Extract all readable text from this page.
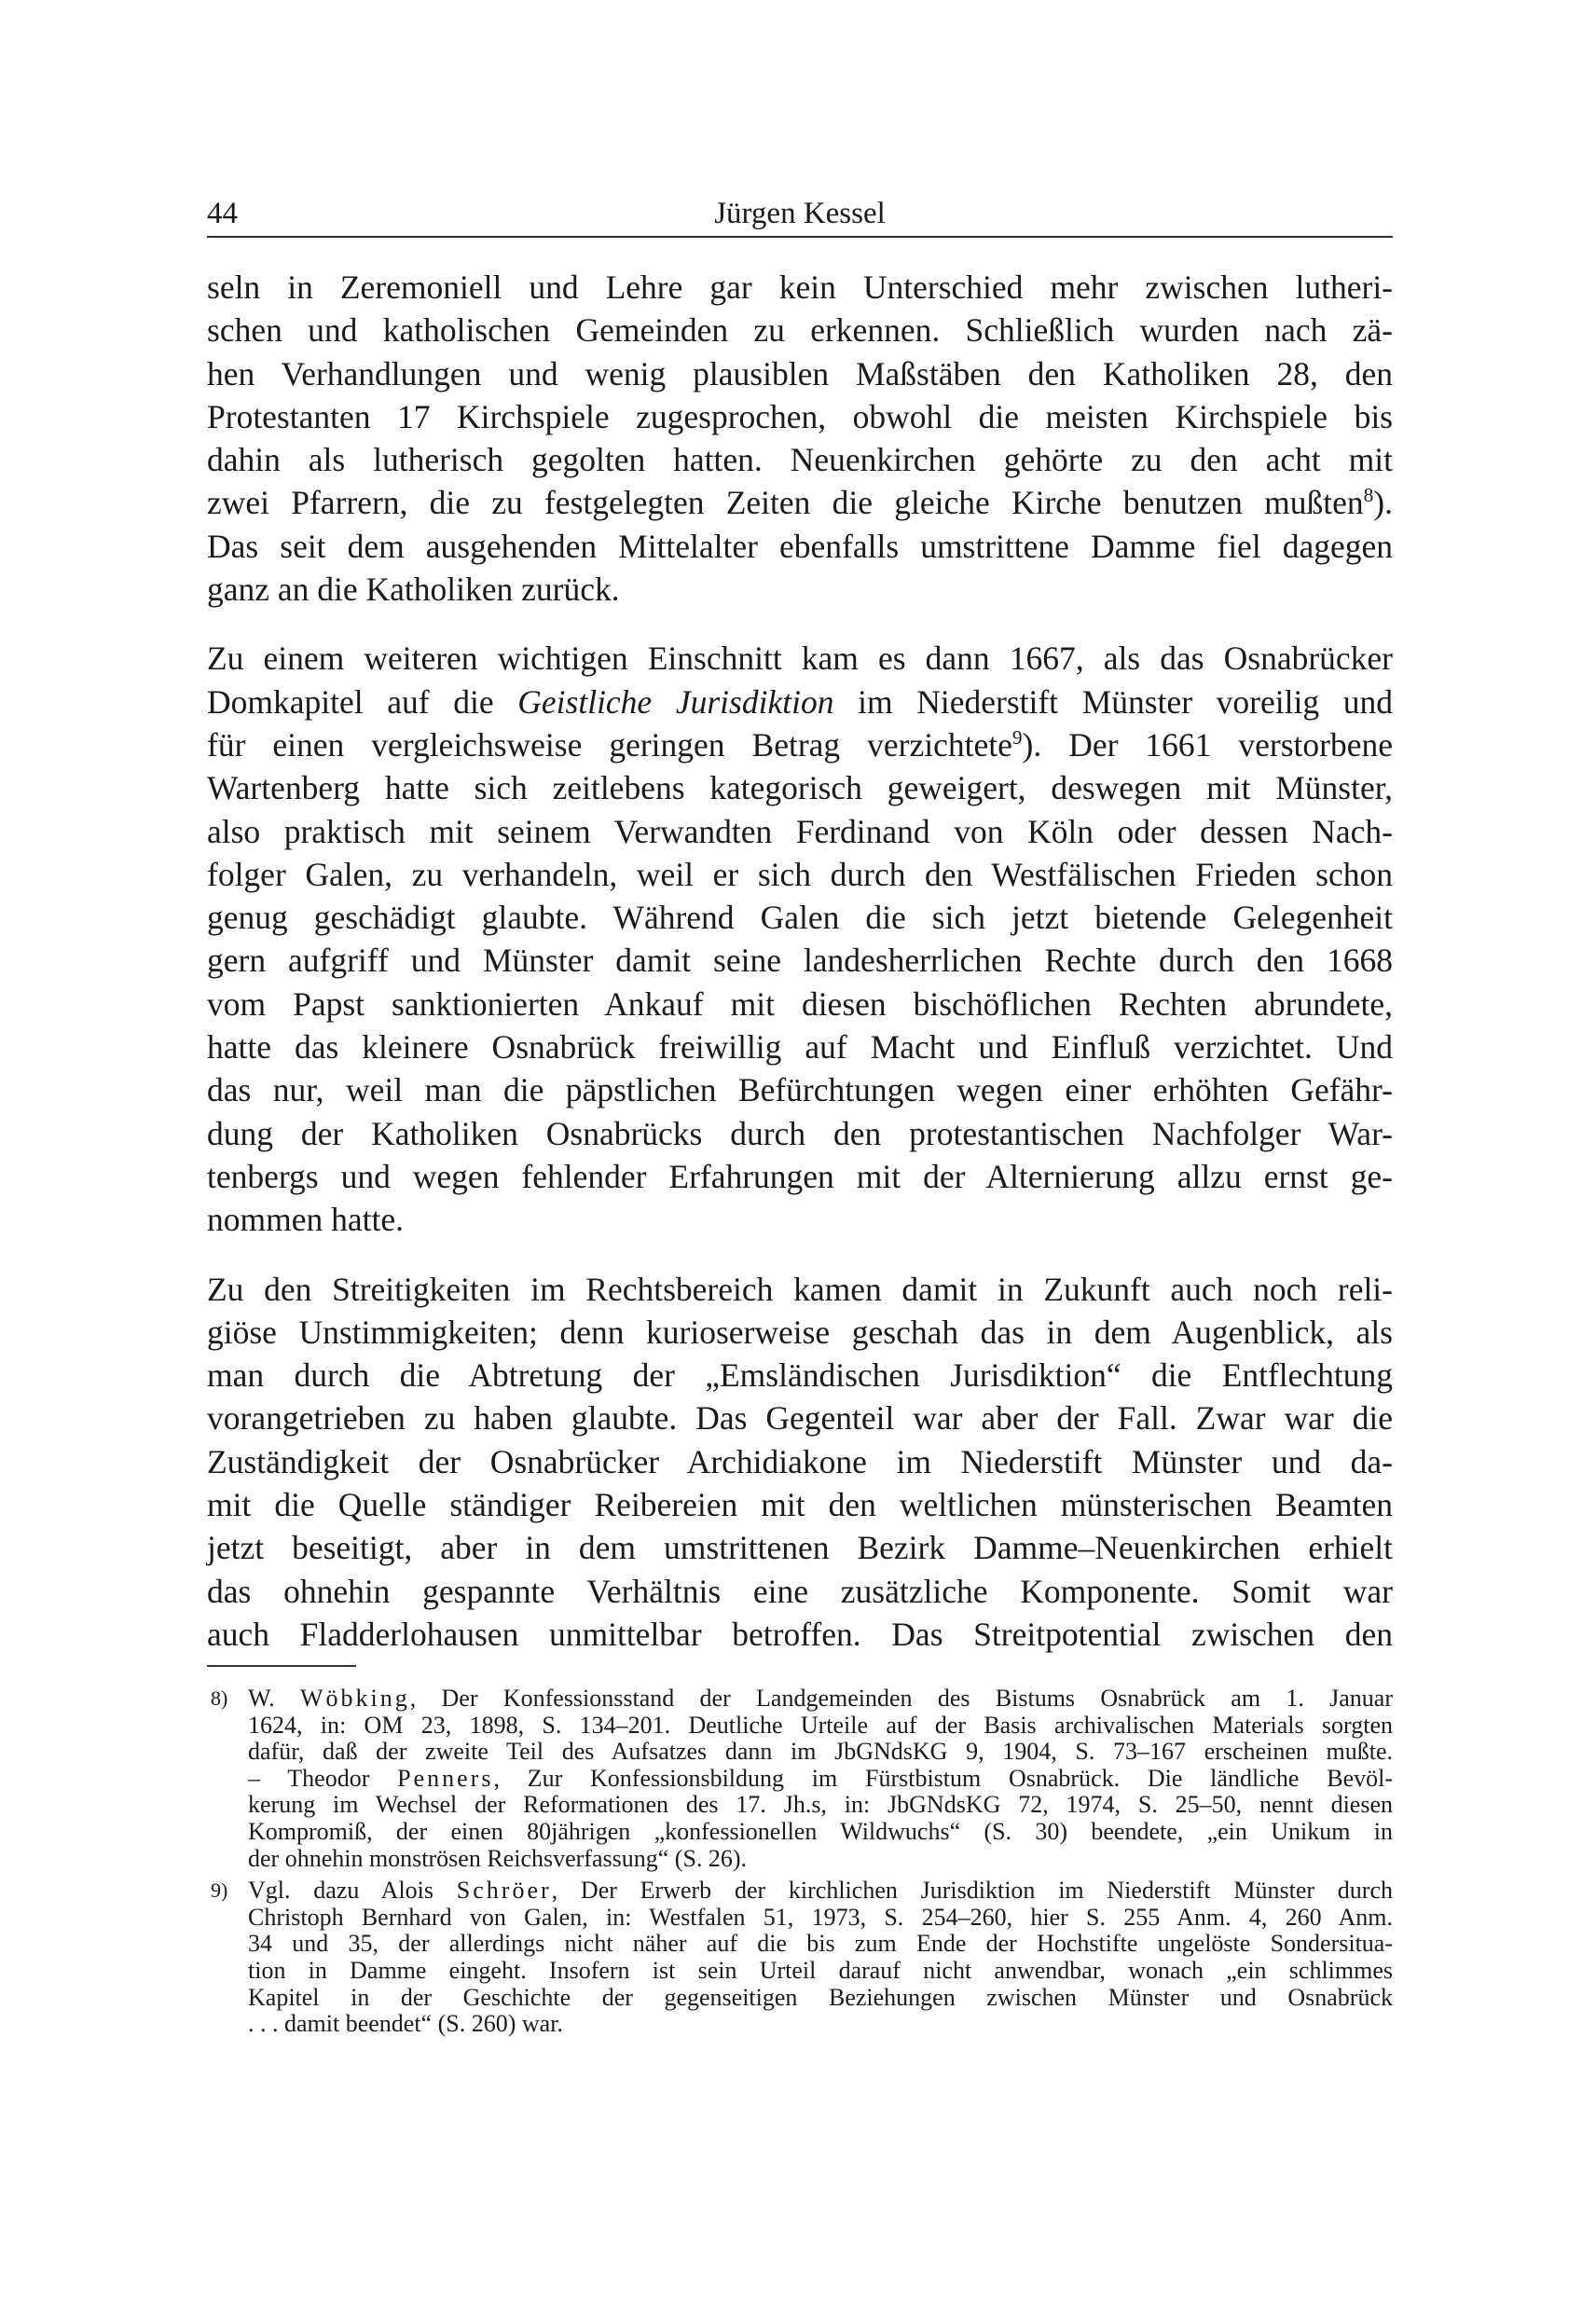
44	Jürgen Kessel

seln in Zeremoniell und Lehre gar kein Unterschied mehr zwischen lutheri-
schen und katholischen Gemeinden zu erkennen. Schließlich wurden nach zä-
hen Verhandlungen und wenig plausiblen Maßstäben den Katholiken 28, den
Protestanten 17 Kirchspiele zugesprochen, obwohl die meisten Kirchspiele bis
dahin als lutherisch gegolten hatten. Neuenkirchen gehörte zu den acht mit
zwei Pfarrern, die zu festgelegten Zeiten die gleiche Kirche benutzen mußten$^8$).
Das seit dem ausgehenden Mittelalter ebenfalls umstrittene Damme fiel dagegen
ganz an die Katholiken zurück.

Zu einem weiteren wichtigen Einschnitt kam es dann 1667, als das Osnabrücker
Domkapitel auf die Geistliche Jurisdiktion im Niederstift Münster voreilig und
für einen vergleichsweise geringen Betrag verzichtete$^9$). Der 1661 verstorbene
Wartenberg hatte sich zeitlebens kategorisch geweigert, deswegen mit Münster,
also praktisch mit seinem Verwandten Ferdinand von Köln oder dessen Nach-
folger Galen, zu verhandeln, weil er sich durch den Westfälischen Frieden schon
genug geschädigt glaubte. Während Galen die sich jetzt bietende Gelegenheit
gern aufgriff und Münster damit seine landesherrlichen Rechte durch den 1668
vom Papst sanktionierten Ankauf mit diesen bischöflichen Rechten abrundete,
hatte das kleinere Osnabrück freiwillig auf Macht und Einfluß verzichtet. Und
das nur, weil man die päpstlichen Befürchtungen wegen einer erhöhten Gefähr-
dung der Katholiken Osnabrücks durch den protestantischen Nachfolger War-
tenbergs und wegen fehlender Erfahrungen mit der Alternierung allzu ernst ge-
nommen hatte.

Zu den Streitigkeiten im Rechtsbereich kamen damit in Zukunft auch noch reli-
giöse Unstimmigkeiten; denn kurioserweise geschah das in dem Augenblick, als
man durch die Abtretung der „Emsländischen Jurisdiktion“ die Entflechtung
vorangetrieben zu haben glaubte. Das Gegenteil war aber der Fall. Zwar war die
Zuständigkeit der Osnabrücker Archidiakone im Niederstift Münster und da-
mit die Quelle ständiger Reibereien mit den weltlichen münsterischen Beamten
jetzt beseitigt, aber in dem umstrittenen Bezirk Damme–Neuenkirchen erhielt
das ohnehin gespannte Verhältnis eine zusätzliche Komponente. Somit war
auch Fladderlohausen unmittelbar betroffen. Das Streitpotential zwischen den

8) W. Wöbking, Der Konfessionsstand der Landgemeinden des Bistums Osnabrück am 1. Januar
1624, in: OM 23, 1898, S. 134–201. Deutliche Urteile auf der Basis archivalischen Materials sorgten
dafür, daß der zweite Teil des Aufsatzes dann im JbGNdsKG 9, 1904, S. 73–167 erscheinen mußte.
– Theodor Penners, Zur Konfessionsbildung im Fürstbistum Osnabrück. Die ländliche Bevöl-
kerung im Wechsel der Reformationen des 17. Jh.s, in: JbGNdsKG 72, 1974, S. 25–50, nennt diesen
Kompromiß, der einen 80jährigen „konfessionellen Wildwuchs“ (S. 30) beendete, „ein Unikum in
der ohnehin monströsen Reichsverfassung“ (S. 26).
9) Vgl. dazu Alois Schröer, Der Erwerb der kirchlichen Jurisdiktion im Niederstift Münster durch
Christoph Bernhard von Galen, in: Westfalen 51, 1973, S. 254–260, hier S. 255 Anm. 4, 260 Anm.
34 und 35, der allerdings nicht näher auf die bis zum Ende der Hochstifte ungelöste Sondersitua-
tion in Damme eingeht. Insofern ist sein Urteil darauf nicht anwendbar, wonach „ein schlimmes
Kapitel in der Geschichte der gegenseitigen Beziehungen zwischen Münster und Osnabrück
. . . damit beendet“ (S. 260) war.
